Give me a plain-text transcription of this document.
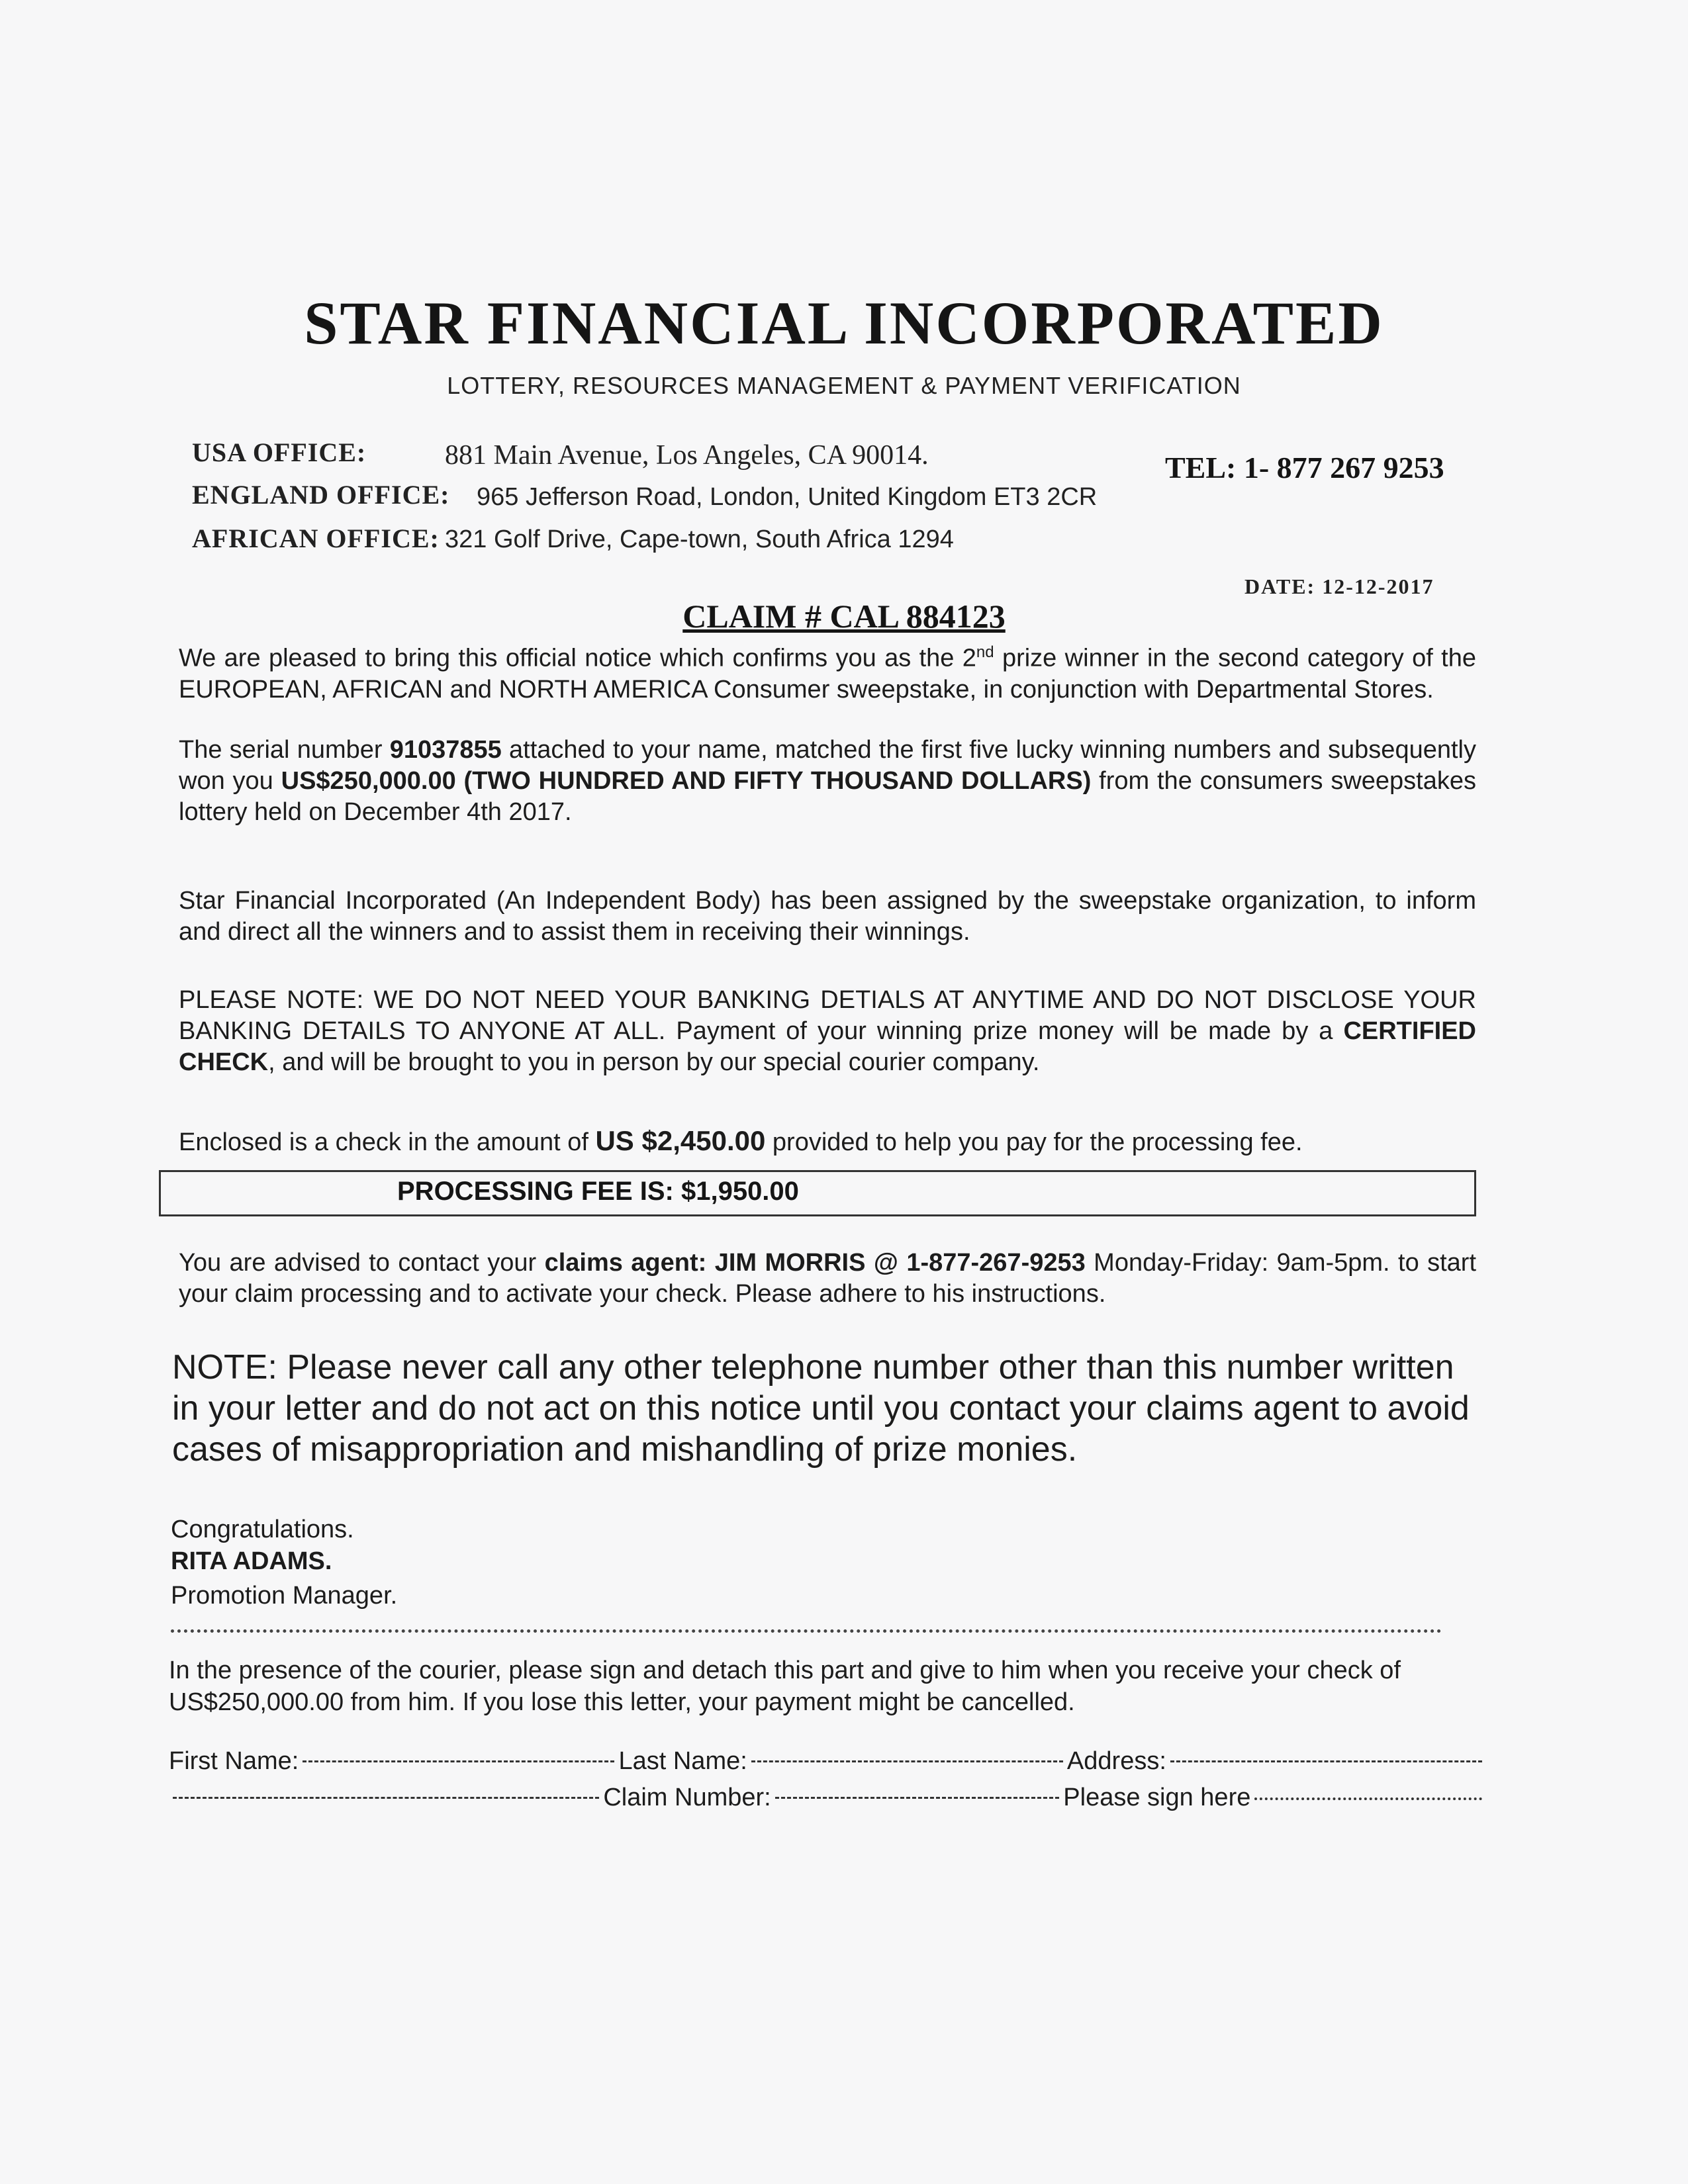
STAR FINANCIAL INCORPORATED
LOTTERY, RESOURCES MANAGEMENT & PAYMENT VERIFICATION
USA OFFICE:	881 Main Avenue, Los Angeles, CA 90014.
ENGLAND OFFICE: 965 Jefferson Road, London, United Kingdom ET3 2CR
AFRICAN OFFICE: 321 Golf Drive, Cape-town, South Africa 1294
TEL: 1- 877 267 9253
DATE: 12-12-2017
CLAIM # CAL 884123
We are pleased to bring this official notice which confirms you as the 2nd prize winner in the second category of the EUROPEAN, AFRICAN and NORTH AMERICA Consumer sweepstake, in conjunction with Departmental Stores.
The serial number 91037855 attached to your name, matched the first five lucky winning numbers and subsequently won you US$250,000.00 (TWO HUNDRED AND FIFTY THOUSAND DOLLARS) from the consumers sweepstakes lottery held on December 4th 2017.
Star Financial Incorporated (An Independent Body) has been assigned by the sweepstake organization, to inform and direct all the winners and to assist them in receiving their winnings.
PLEASE NOTE: WE DO NOT NEED YOUR BANKING DETIALS AT ANYTIME AND DO NOT DISCLOSE YOUR BANKING DETAILS TO ANYONE AT ALL. Payment of your winning prize money will be made by a CERTIFIED CHECK, and will be brought to you in person by our special courier company.
Enclosed is a check in the amount of US $2,450.00 provided to help you pay for the processing fee.
PROCESSING FEE IS: $1,950.00
You are advised to contact your claims agent: JIM MORRIS @ 1-877-267-9253 Monday-Friday: 9am-5pm. to start your claim processing and to activate your check. Please adhere to his instructions.
NOTE: Please never call any other telephone number other than this number written in your letter and do not act on this notice until you contact your claims agent to avoid cases of misappropriation and mishandling of prize monies.
Congratulations.
RITA ADAMS.
Promotion Manager.
In the presence of the courier, please sign and detach this part and give to him when you receive your check of US$250,000.00 from him. If you lose this letter, your payment might be cancelled.
First Name:	Last Name:	Address:
Claim Number:	Please sign here
